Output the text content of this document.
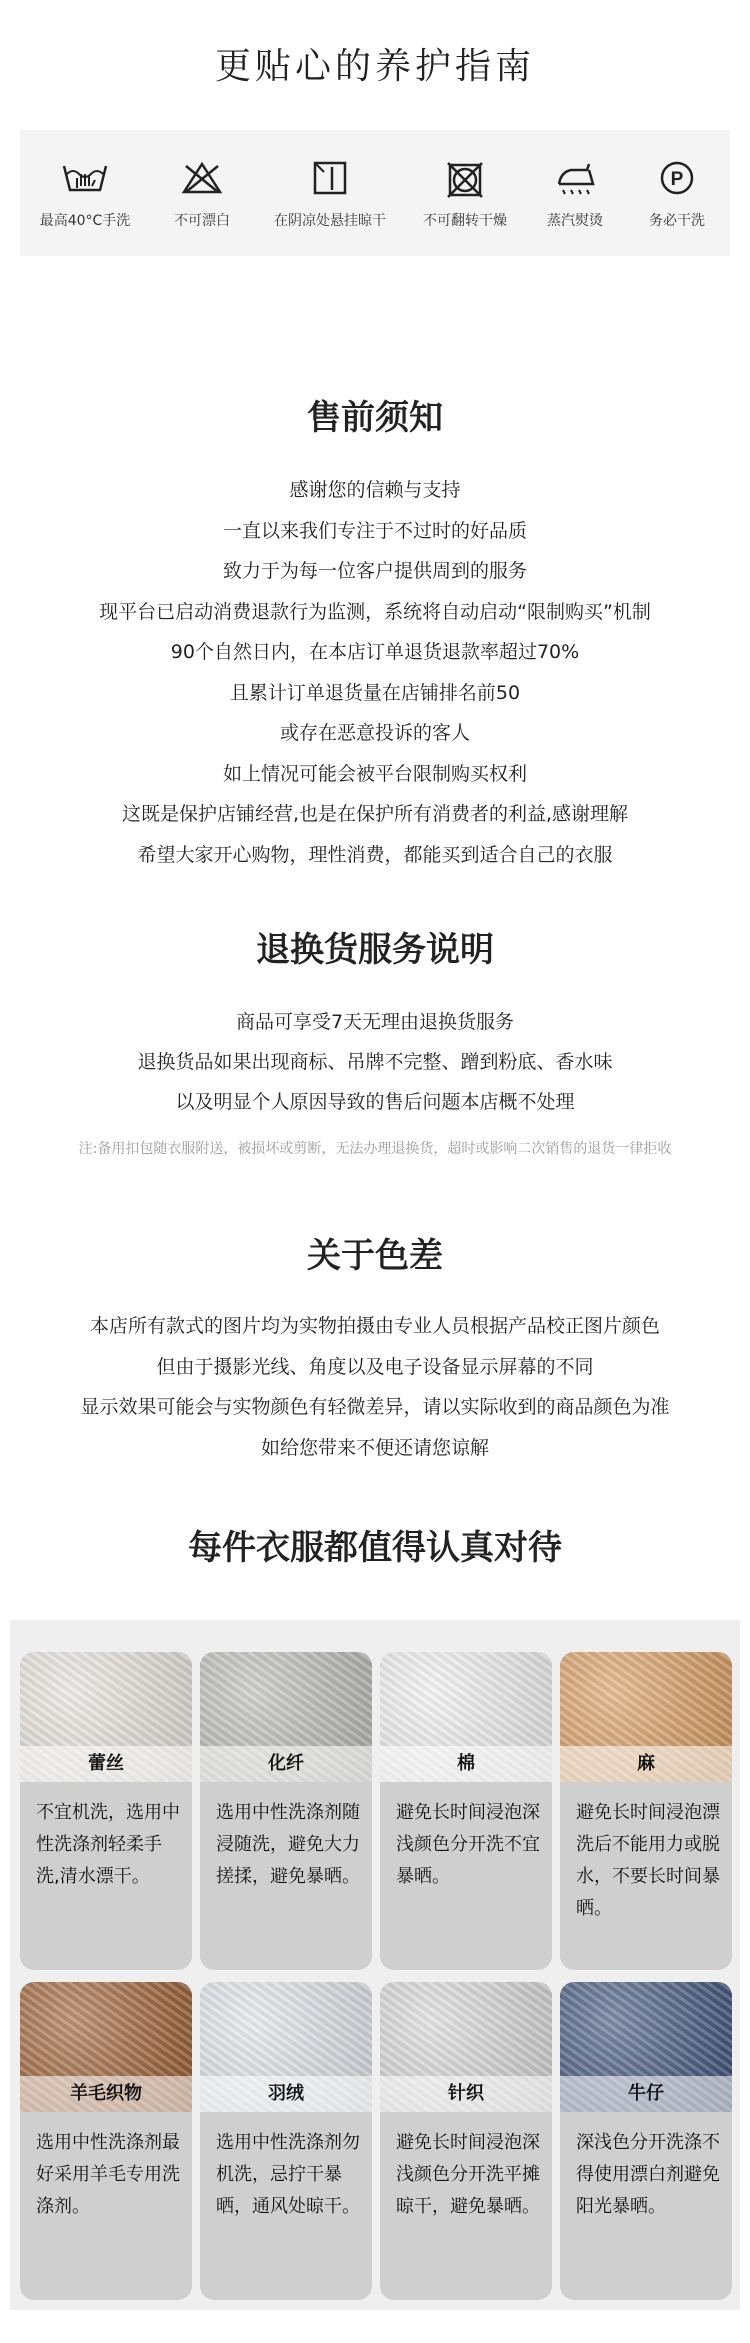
更贴心的养护指南
最高40°C手洗	不可漂白	在阴凉处悬挂晾干	不可翻转干燥	蒸汽熨烫
P
务必干洗
售前须知
感谢您的信赖与支持
一直以来我们专注于不过时的好品质
致力于为每一位客户提供周到的服务
现平台已启动消费退款行为监测，系统将自动启动“限制购买”机制
90个自然日内，在本店订单退货退款率超过70%
且累计订单退货量在店铺排名前50
或存在恶意投诉的客人
如上情况可能会被平台限制购买权利
这既是保护店铺经营,也是在保护所有消费者的利益,感谢理解
希望大家开心购物，理性消费，都能买到适合自己的衣服
退换货服务说明
商品可享受7天无理由退换货服务
退换货品如果出现商标、吊牌不完整、蹭到粉底、香水味
以及明显个人原因导致的售后问题本店概不处理
注:备用扣包随衣服附送，被损坏或剪断，无法办理退换货，超时或影响二次销售的退货一律拒收
关于色差
本店所有款式的图片均为实物拍摄由专业人员根据产品校正图片颜色
但由于摄影光线、角度以及电子设备显示屏幕的不同
显示效果可能会与实物颜色有轻微差异，请以实际收到的商品颜色为准
如给您带来不便还请您谅解
每件衣服都值得认真对待
蕾丝
不宜机洗，选用中性洗涤剂轻柔手洗,清水漂干。
化纤
选用中性洗涤剂随浸随洗，避免大力搓揉，避免暴晒。
棉
避免长时间浸泡深浅颜色分开洗不宜暴晒。
麻
避免长时间浸泡漂洗后不能用力或脱水，不要长时间暴晒。
羊毛织物
选用中性洗涤剂最好采用羊毛专用洗涤剂。
羽绒
选用中性洗涤剂勿机洗，忌拧干暴晒，通风处晾干。
针织
避免长时间浸泡深浅颜色分开洗平摊晾干，避免暴晒。
牛仔
深浅色分开洗涤不得使用漂白剂避免阳光暴晒。
